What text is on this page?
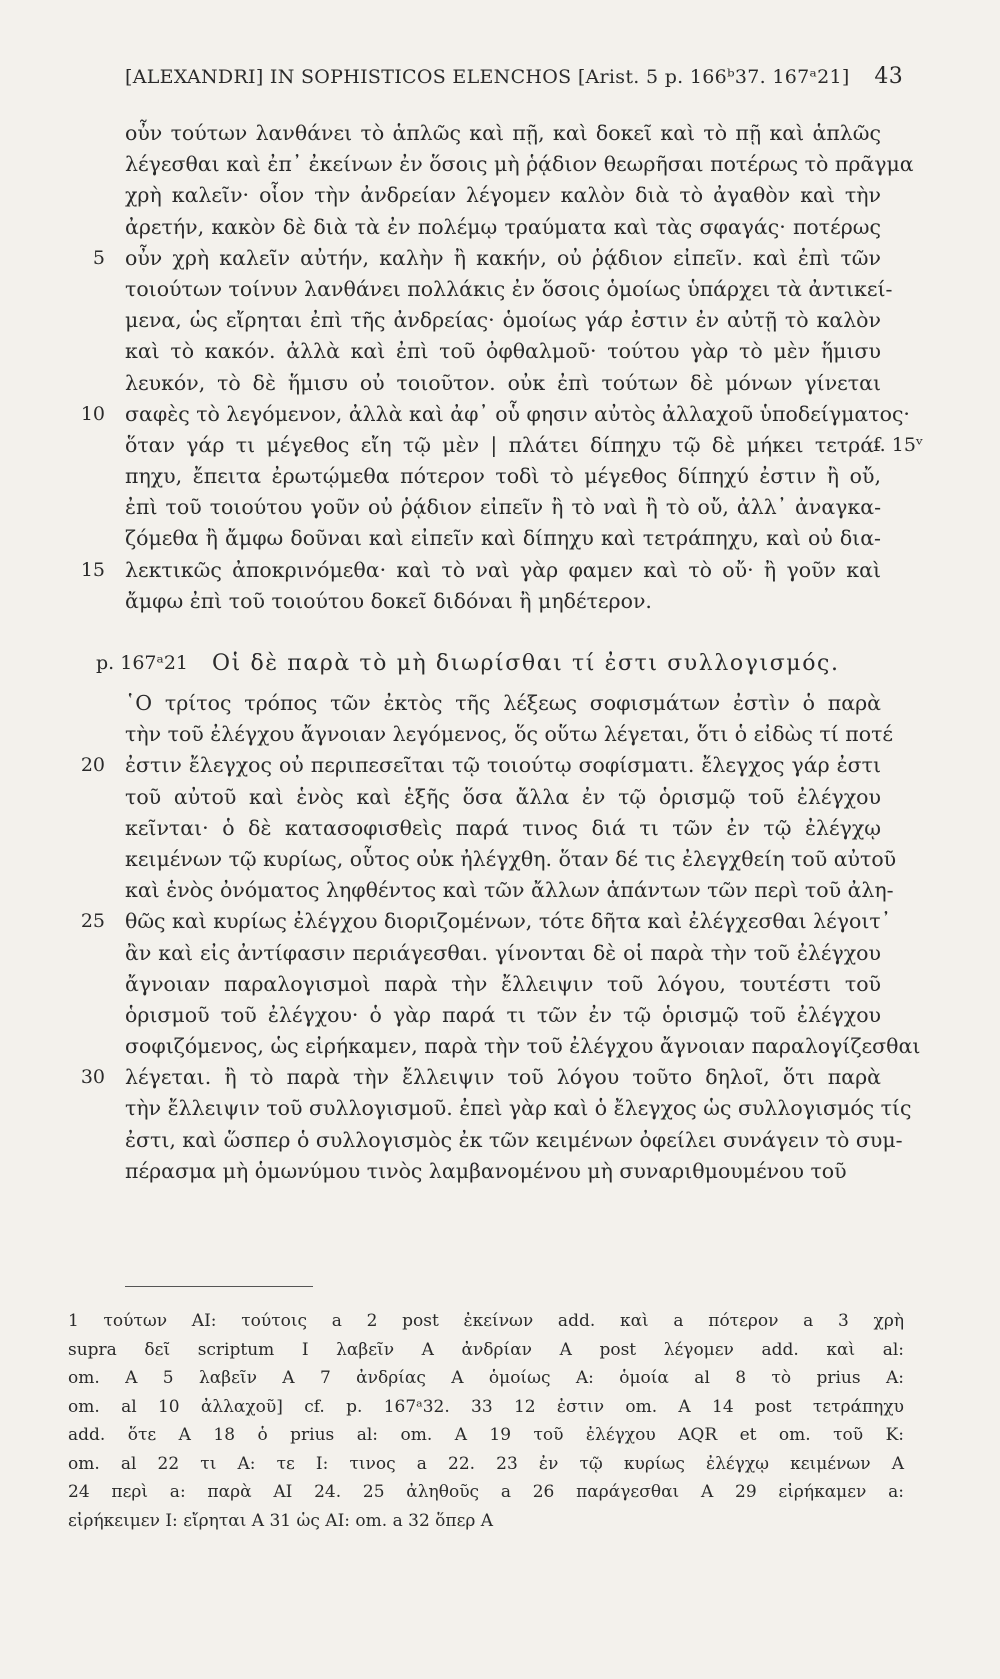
[ALEXANDRI] IN SOPHISTICOS ELENCHOS [Arist. 5 p. 166ᵇ37. 167ᵃ21] 43
οὖν τούτων λανθάνει τὸ ἁπλῶς καὶ πῇ, καὶ δοκεῖ καὶ τὸ πῇ καὶ ἁπλῶς
λέγεσθαι καὶ ἐπ᾿ ἐκείνων ἐν ὅσοις μὴ ῥᾴδιον θεωρῆσαι ποτέρως τὸ πρᾶγμα
χρὴ καλεῖν· οἷον τὴν ἀνδρείαν λέγομεν καλὸν διὰ τὸ ἀγαθὸν καὶ τὴν
ἀρετήν, κακὸν δὲ διὰ τὰ ἐν πολέμῳ τραύματα καὶ τὰς σφαγάς· ποτέρως
5 οὖν χρὴ καλεῖν αὐτήν, καλὴν ἢ κακήν, οὐ ῥᾴδιον εἰπεῖν. καὶ ἐπὶ τῶν
τοιούτων τοίνυν λανθάνει πολλάκις ἐν ὅσοις ὁμοίως ὑπάρχει τὰ ἀντικεί-
μενα, ὡς εἴρηται ἐπὶ τῆς ἀνδρείας· ὁμοίως γάρ ἐστιν ἐν αὐτῇ τὸ καλὸν
καὶ τὸ κακόν. ἀλλὰ καὶ ἐπὶ τοῦ ὀφθαλμοῦ· τούτου γὰρ τὸ μὲν ἥμισυ
λευκόν, τὸ δὲ ἥμισυ οὐ τοιοῦτον. οὐκ ἐπὶ τούτων δὲ μόνων γίνεται
10 σαφὲς τὸ λεγόμενον, ἀλλὰ καὶ ἀφ᾿ οὗ φησιν αὐτὸς ἀλλαχοῦ ὑποδείγματος·
ὅταν γάρ τι μέγεθος εἴη τῷ μὲν | πλάτει δίπηχυ τῷ δὲ μήκει τετρά-
f. 15ᵛ
πηχυ, ἔπειτα ἐρωτῴμεθα πότερον τοδὶ τὸ μέγεθος δίπηχύ ἐστιν ἢ οὔ,
ἐπὶ τοῦ τοιούτου γοῦν οὐ ῥᾴδιον εἰπεῖν ἢ τὸ ναὶ ἢ τὸ οὔ, ἀλλ᾿ ἀναγκα-
ζόμεθα ἢ ἄμφω δοῦναι καὶ εἰπεῖν καὶ δίπηχυ καὶ τετράπηχυ, καὶ οὐ δια-
15 λεκτικῶς ἀποκρινόμεθα· καὶ τὸ ναὶ γὰρ φαμεν καὶ τὸ οὔ· ἢ γοῦν καὶ
ἄμφω ἐπὶ τοῦ τοιούτου δοκεῖ διδόναι ἢ μηδέτερον.
p. 167ᵃ21 Οἱ δὲ παρὰ τὸ μὴ διωρίσθαι τί ἐστι συλλογισμός.
῾Ο τρίτος τρόπος τῶν ἐκτὸς τῆς λέξεως σοφισμάτων ἐστὶν ὁ παρὰ
τὴν τοῦ ἐλέγχου ἄγνοιαν λεγόμενος, ὅς οὕτω λέγεται, ὅτι ὁ εἰδὼς τί ποτέ
20 ἐστιν ἔλεγχος οὐ περιπεσεῖται τῷ τοιούτῳ σοφίσματι. ἔλεγχος γάρ ἐστι
τοῦ αὐτοῦ καὶ ἑνὸς καὶ ἑξῆς ὅσα ἄλλα ἐν τῷ ὁρισμῷ τοῦ ἐλέγχου
κεῖνται· ὁ δὲ κατασοφισθεὶς παρά τινος διά τι τῶν ἐν τῷ ἐλέγχῳ
κειμένων τῷ κυρίως, οὗτος οὐκ ἠλέγχθη. ὅταν δέ τις ἐλεγχθείη τοῦ αὐτοῦ
καὶ ἑνὸς ὀνόματος ληφθέντος καὶ τῶν ἄλλων ἁπάντων τῶν περὶ τοῦ ἀλη-
25 θῶς καὶ κυρίως ἐλέγχου διοριζομένων, τότε δῆτα καὶ ἐλέγχεσθαι λέγοιτ᾿
ἂν καὶ εἰς ἀντίφασιν περιάγεσθαι. γίνονται δὲ οἱ παρὰ τὴν τοῦ ἐλέγχου
ἄγνοιαν παραλογισμοὶ παρὰ τὴν ἔλλειψιν τοῦ λόγου, τουτέστι τοῦ
ὁρισμοῦ τοῦ ἐλέγχου· ὁ γὰρ παρά τι τῶν ἐν τῷ ὁρισμῷ τοῦ ἐλέγχου
σοφιζόμενος, ὡς εἰρήκαμεν, παρὰ τὴν τοῦ ἐλέγχου ἄγνοιαν παραλογίζεσθαι
30 λέγεται. ἢ τὸ παρὰ τὴν ἔλλειψιν τοῦ λόγου τοῦτο δηλοῖ, ὅτι παρὰ
τὴν ἔλλειψιν τοῦ συλλογισμοῦ. ἐπεὶ γὰρ καὶ ὁ ἔλεγχος ὡς συλλογισμός τίς
ἐστι, καὶ ὥσπερ ὁ συλλογισμὸς ἐκ τῶν κειμένων ὀφείλει συνάγειν τὸ συμ-
πέρασμα μὴ ὁμωνύμου τινὸς λαμβανομένου μὴ συναριθμουμένου τοῦ
1 τούτων AI: τούτοις a 2 post ἐκείνων add. καὶ a πότερον a 3 χρὴ
supra δεῖ scriptum I λαβεῖν A ἀνδρίαν A post λέγομεν add. καὶ al:
om. A 5 λαβεῖν A 7 ἀνδρίας A ὁμοίως A: ὁμοία al 8 τὸ prius A:
om. al 10 ἀλλαχοῦ] cf. p. 167ᵃ32. 33 12 ἐστιν om. A 14 post τετράπηχυ
add. ὅτε A 18 ὁ prius al: om. A 19 τοῦ ἐλέγχου AQR et om. τοῦ K:
om. al 22 τι A: τε I: τινος a 22. 23 ἐν τῷ κυρίως ἐλέγχῳ κειμένων A
24 περὶ a: παρὰ AI 24. 25 ἀληθοῦς a 26 παράγεσθαι A 29 εἰρήκαμεν a:
εἰρήκειμεν I: εἴρηται A 31 ὡς AI: om. a 32 ὅπερ A
